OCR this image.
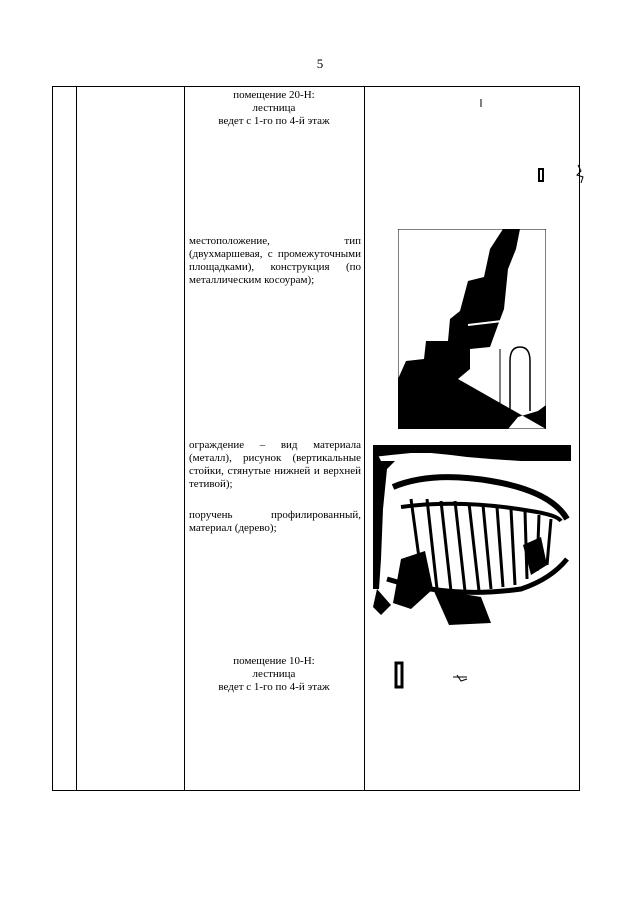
5
помещение 20-Н:
лестница
ведет с 1-го по 4-й этаж
местоположение, тип (двухмаршевая, с промежуточными площадками), конструкция (по металлическим косоурам);
ограждение – вид материала (металл), рисунок (вертикальные стойки, стянутые нижней и верхней тетивой);
поручень профилированный, материал (дерево);
помещение 10-Н:
лестница
ведет с 1-го по 4-й этаж
